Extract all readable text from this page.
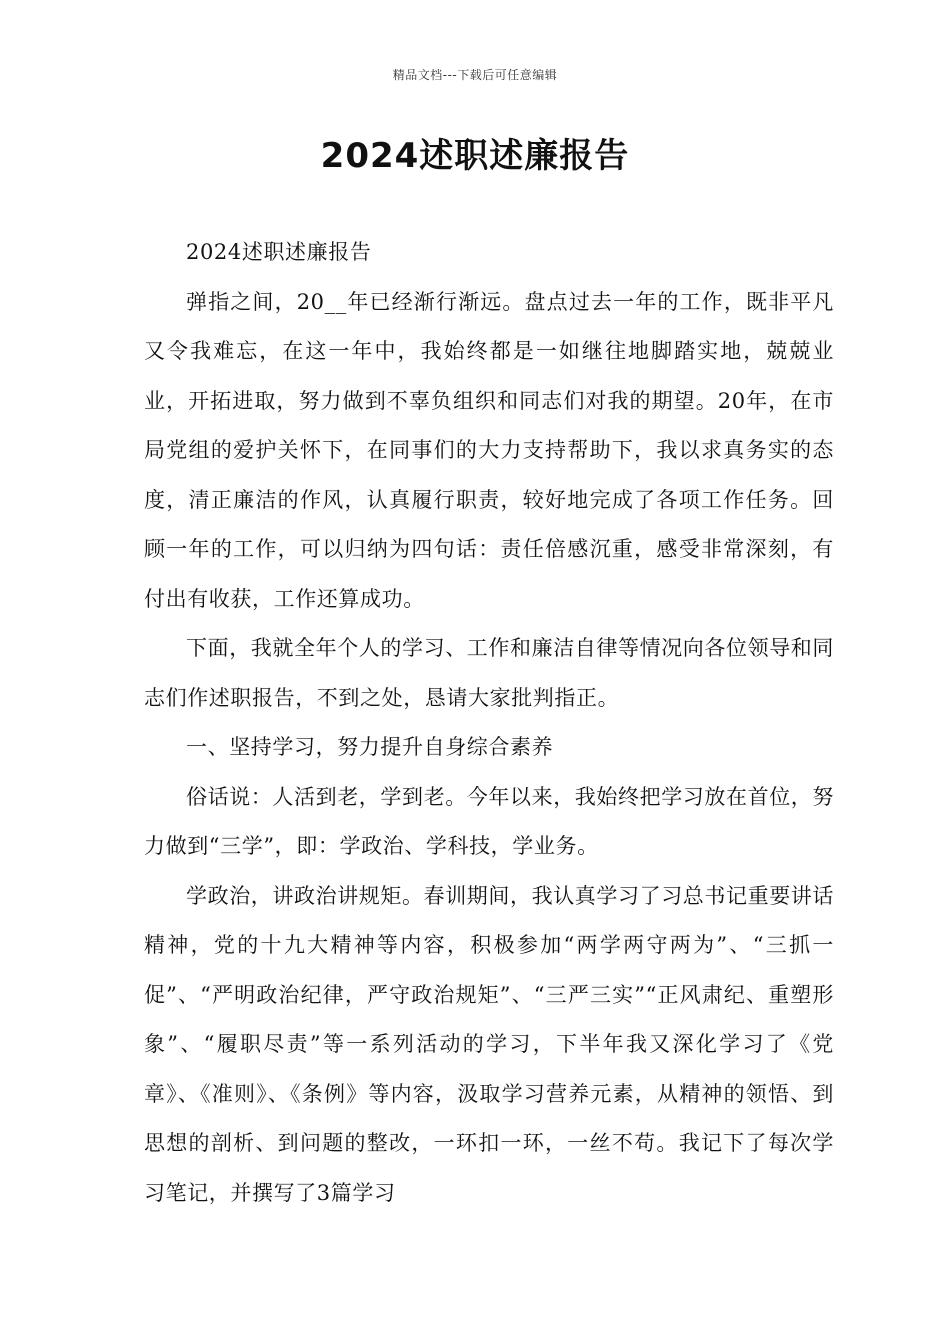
精品文档---下载后可任意编辑
2024述职述廉报告

2024述职述廉报告

弹指之间，20__年已经渐行渐远。盘点过去一年的工作，既非平凡又令我难忘，在这一年中，我始终都是一如继往地脚踏实地，兢兢业业，开拓进取，努力做到不辜负组织和同志们对我的期望。20年，在市局党组的爱护关怀下，在同事们的大力支持帮助下，我以求真务实的态度，清正廉洁的作风，认真履行职责，较好地完成了各项工作任务。回顾一年的工作，可以归纳为四句话：责任倍感沉重，感受非常深刻，有付出有收获，工作还算成功。

下面，我就全年个人的学习、工作和廉洁自律等情况向各位领导和同志们作述职报告，不到之处，恳请大家批判指正。

一、坚持学习，努力提升自身综合素养

俗话说：人活到老，学到老。今年以来，我始终把学习放在首位，努力做到“三学”，即：学政治、学科技，学业务。

学政治，讲政治讲规矩。春训期间，我认真学习了习总书记重要讲话精神，党的十九大精神等内容，积极参加“两学两守两为”、“三抓一促”、“严明政治纪律，严守政治规矩”、“三严三实”“正风肃纪、重塑形象”、“履职尽责”等一系列活动的学习，下半年我又深化学习了《党章》、《准则》、《条例》等内容，汲取学习营养元素，从精神的领悟、到思想的剖析、到问题的整改，一环扣一环，一丝不苟。我记下了每次学习笔记，并撰写了3篇学习
